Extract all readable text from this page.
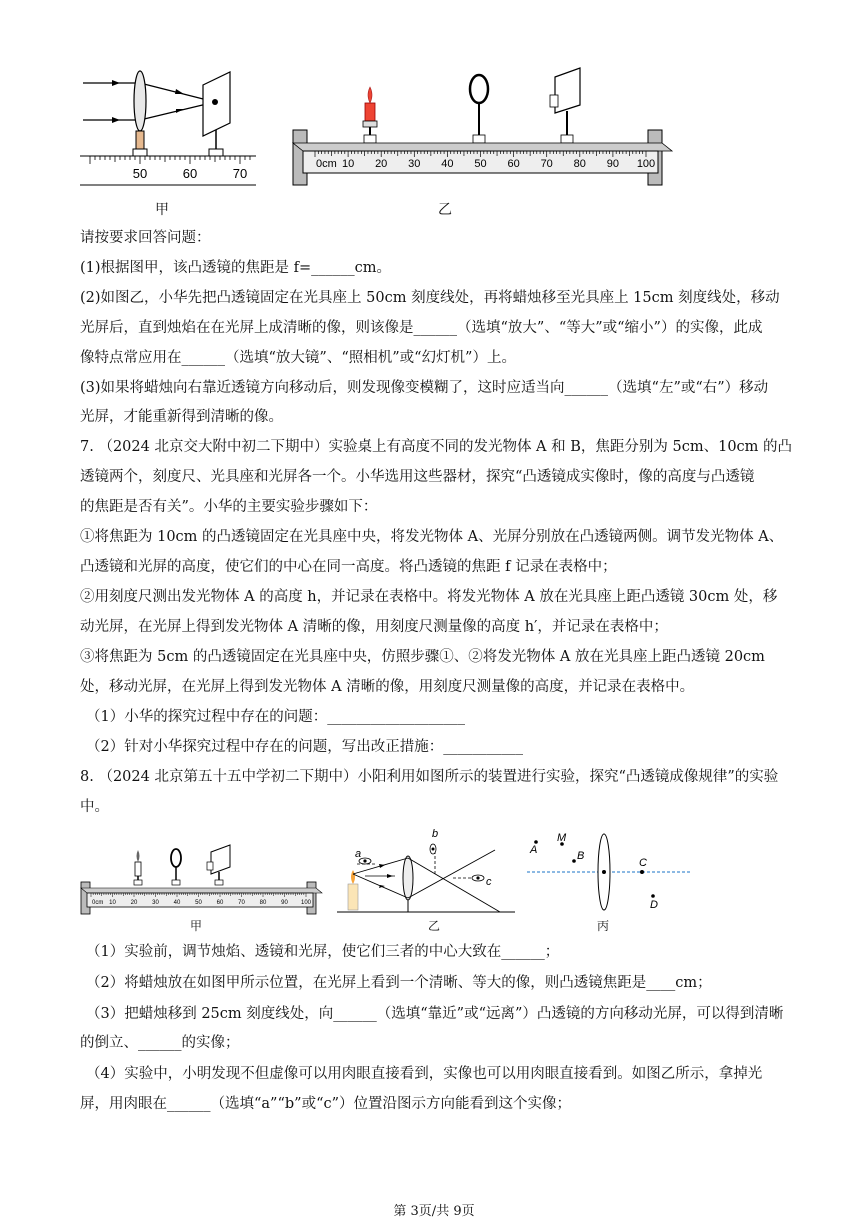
50	60	70
甲
0cm 10 20 30 40 50 60 70 80 90 100
乙
请按要求回答问题：
(1)根据图甲，该凸透镜的焦距是 f=______cm。
(2)如图乙，小华先把凸透镜固定在光具座上 50cm 刻度线处，再将蜡烛移至光具座上 15cm 刻度线处，移动
光屏后，直到烛焰在在光屏上成清晰的像，则该像是______（选填“放大”、“等大”或“缩小”）的实像，此成
像特点常应用在______（选填“放大镜”、“照相机”或“幻灯机”）上。
(3)如果将蜡烛向右靠近透镜方向移动后，则发现像变模糊了，这时应适当向______（选填“左”或“右”）移动
光屏，才能重新得到清晰的像。
7. （2024 北京交大附中初二下期中）实验桌上有高度不同的发光物体 A 和 B，焦距分别为 5cm、10cm 的凸
透镜两个，刻度尺、光具座和光屏各一个。小华选用这些器材，探究“凸透镜成实像时，像的高度与凸透镜
的焦距是否有关”。小华的主要实验步骤如下：
①将焦距为 10cm 的凸透镜固定在光具座中央，将发光物体 A、光屏分别放在凸透镜两侧。调节发光物体 A、
凸透镜和光屏的高度，使它们的中心在同一高度。将凸透镜的焦距 f 记录在表格中；
②用刻度尺测出发光物体 A 的高度 h，并记录在表格中。将发光物体 A 放在光具座上距凸透镜 30cm 处，移
动光屏，在光屏上得到发光物体 A 清晰的像，用刻度尺测量像的高度 h′，并记录在表格中；
③将焦距为 5cm 的凸透镜固定在光具座中央，仿照步骤①、②将发光物体 A 放在光具座上距凸透镜 20cm
处，移动光屏，在光屏上得到发光物体 A 清晰的像，用刻度尺测量像的高度，并记录在表格中。
（1）小华的探究过程中存在的问题：___________________
（2）针对小华探究过程中存在的问题，写出改正措施：___________
8. （2024 北京第五十五中学初二下期中）小阳利用如图所示的装置进行实验，探究“凸透镜成像规律”的实验
中。
0cm 10 20 30 40 50 60 70 80 90 100
甲
a
b
c
乙
A
M
B
C
D
丙
（1）实验前，调节烛焰、透镜和光屏，使它们三者的中心大致在______；
（2）将蜡烛放在如图甲所示位置，在光屏上看到一个清晰、等大的像，则凸透镜焦距是____cm；
（3）把蜡烛移到 25cm 刻度线处，向______（选填“靠近”或“远离”）凸透镜的方向移动光屏，可以得到清晰
的倒立、______的实像；
（4）实验中，小明发现不但虚像可以用肉眼直接看到，实像也可以用肉眼直接看到。如图乙所示，拿掉光
屏，用肉眼在______（选填“a”“b”或“c”）位置沿图示方向能看到这个实像；
第 3页/共 9页
